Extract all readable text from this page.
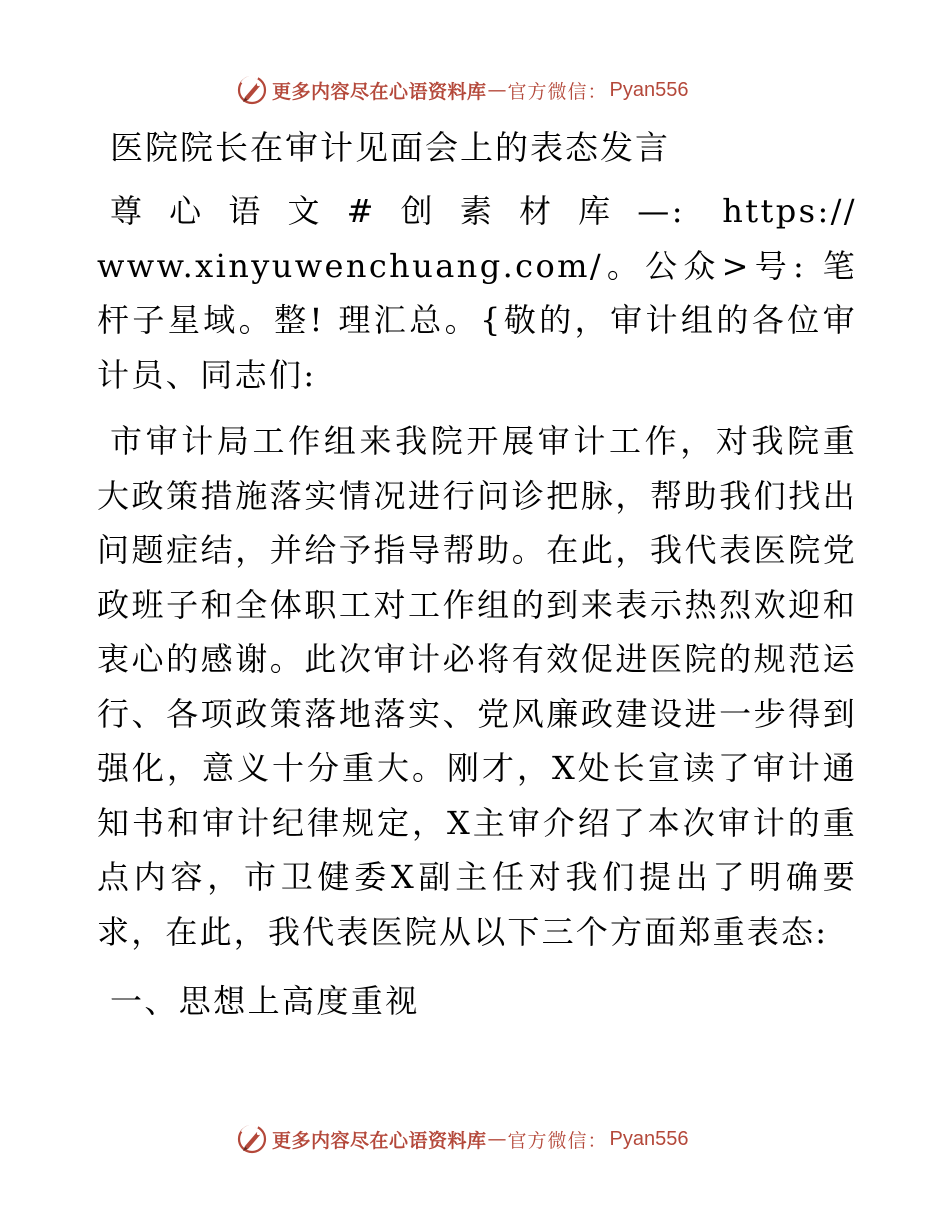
更多内容尽在心语资料库 — 官方微信： Pyan556
医院院长在审计见面会上的表态发言

尊心语文#创素材库—: https:// www.xinyuwenchuang.com/。公众>号: 笔杆子星域。整! 理汇总。{敬的，审计组的各位审计员、同志们:

市审计局工作组来我院开展审计工作，对我院重大政策措施落实情况进行问诊把脉，帮助我们找出问题症结，并给予指导帮助。在此，我代表医院党政班子和全体职工对工作组的到来表示热烈欢迎和衷心的感谢。此次审计必将有效促进医院的规范运行、各项政策落地落实、党风廉政建设进一步得到强化，意义十分重大。刚才，X处长宣读了审计通知书和审计纪律规定，X主审介绍了本次审计的重点内容，市卫健委X副主任对我们提出了明确要求，在此，我代表医院从以下三个方面郑重表态:

一、思想上高度重视
更多内容尽在心语资料库 — 官方微信： Pyan556
